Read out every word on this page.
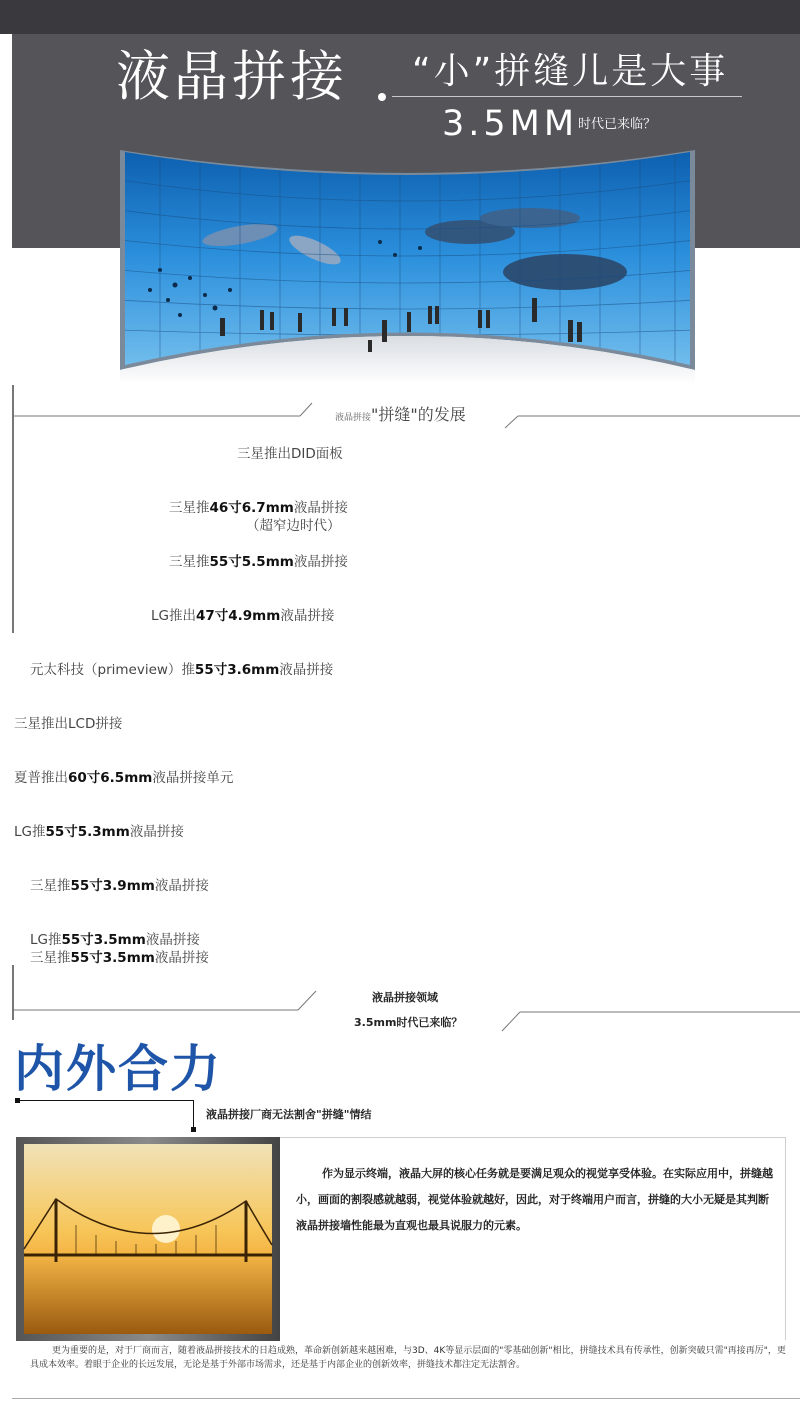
液晶拼接 “小”拼缝儿是大事
3.5MM 时代已来临？
液晶拼接"拼缝"的发展
三星推出DID面板
三星推46寸6.7mm液晶拼接
（超窄边时代）
三星推55寸5.5mm液晶拼接
LG推出47寸4.9mm液晶拼接
元太科技（primeview）推55寸3.6mm液晶拼接
三星推出LCD拼接
夏普推出60寸6.5mm液晶拼接单元
LG推55寸5.3mm液晶拼接
三星推55寸3.9mm液晶拼接
LG推55寸3.5mm液晶拼接
三星推55寸3.5mm液晶拼接
液晶拼接领域
3.5mm时代已来临？
内外合力
液晶拼接厂商无法割舍"拼缝"情结
作为显示终端，液晶大屏的核心任务就是要满足观众的视觉享受体验。在实际应用中，拼缝越小，画面的割裂感就越弱，视觉体验就越好，因此，对于终端用户而言，拼缝的大小无疑是其判断液晶拼接墙性能最为直观也最具说服力的元素。
更为重要的是，对于厂商而言，随着液晶拼接技术的日趋成熟，革命新创新越来越困难，与3D、4K等显示层面的"零基础创新"相比，拼缝技术具有传承性，创新突破只需"再接再厉"，更具成本效率。着眼于企业的长远发展，无论是基于外部市场需求，还是基于内部企业的创新效率，拼缝技术都注定无法割舍。
